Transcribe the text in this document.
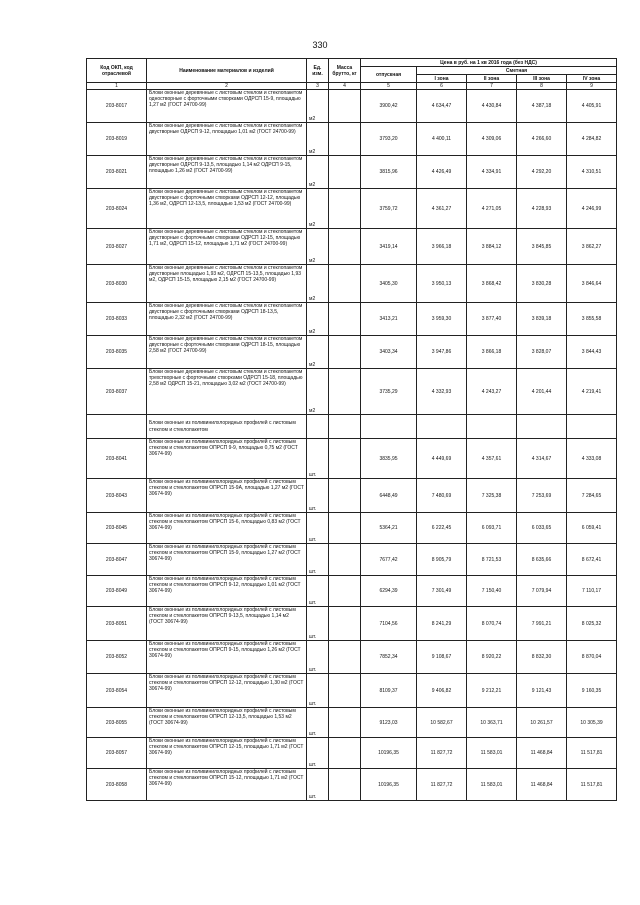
330
Код ОКП, код отраслевой	Наименование материалов и изделий	Ед. изм.	Масса брутто, кг	Цена в руб. на 1 кв 2016 года (без НДС)				
				отпускная	Сметная			
					I зона	II зона	III зона	IV зона
1	2	3	4	5	6	7	8	9
203-8017	Блоки оконные деревянные с листовым стеклом и стеклопакетом одностворные с форточными створками ОДРСП 15-9, площадью 1,27 м2 (ГОСТ 24700-99)	м2		3900,42	4 634,47	4 430,84	4 387,18	4 405,91
203-8019	Блоки оконные деревянные с листовым стеклом и стеклопакетом двустворные ОДРСП 9-12, площадью 1,01 м2 (ГОСТ 24700-99)	м2		3793,20	4 400,11	4 309,06	4 266,60	4 284,82
203-8021	Блоки оконные деревянные с листовым стеклом и стеклопакетом двустворные ОДРСП 9-13,5, площадью 1,14 м2 ОДРСП 9-15, площадью 1,26 м2 (ГОСТ 24700-99)	м2		3815,96	4 426,49	4 334,91	4 292,20	4 310,51
203-8024	Блоки оконные деревянные с листовым стеклом и стеклопакетом двустворные с форточными створками ОДРСП 12-12, площадью 1,36 м2, ОДРСП 12-13,5, площадью 1,53 м2 (ГОСТ 24700-99)	м2		3759,72	4 361,27	4 271,05	4 228,93	4 246,99
203-8027	Блоки оконные деревянные с листовым стеклом и стеклопакетом двустворные с форточными створками ОДРСП 12-15, площадью 1,71 м2, ОДРСП 15-12, площадью 1,71 м2 (ГОСТ 24700-99)	м2		3419,14	3 966,18	3 884,12	3 845,85	3 862,27
203-8030	Блоки оконные деревянные с листовым стеклом и стеклопакетом двустворные площадью 1,93 м2, ОДРСП 15-13,5, площадью 1,93 м2, ОДРСП 15-15, площадью 2,15 м2 (ГОСТ 24700-99)	м2		3405,30	3 950,13	3 868,42	3 830,28	3 846,64
203-8033	Блоки оконные деревянные с листовым стеклом и стеклопакетом двустворные с форточными створками ОДРСП 18-13,5, площадью 2,32 м2 (ГОСТ 24700-99)	м2		3413,21	3 959,30	3 877,40	3 839,18	3 855,58
203-8035	Блоки оконные деревянные с листовым стеклом и стеклопакетом двустворные с форточными створками ОДРСП 18-15, площадью 2,58 м2 (ГОСТ 24700-99)	м2		3403,34	3 947,86	3 866,18	3 828,07	3 844,43
203-8037	Блоки оконные деревянные с листовым стеклом и стеклопакетом трехстворные с форточными створками ОДРСП 15-18, площадью 2,58 м2 ОДРСП 15-21, площадью 3,02 м2 (ГОСТ 24700-99)	м2		3735,29	4 332,93	4 243,27	4 201,44	4 219,41
	Блоки оконные из поливинилхлоридных профилей с листовым стеклом и стеклопакетом							
203-8041	Блоки оконные из поливинилхлоридных профилей с листовым стеклом и стеклопакетом ОПРСП 9-9, площадью 0,75 м2 (ГОСТ 30674-99)	шт.		3835,95	4 449,69	4 357,61	4 314,67	4 333,08
203-8043	Блоки оконные из поливинилхлоридных профилей с листовым стеклом и стеклопакетом ОПРСП 15-9А, площадью 1,27 м2 (ГОСТ 30674-99)	шт.		6448,49	7 480,69	7 325,38	7 253,69	7 284,65
203-8045	Блоки оконные из поливинилхлоридных профилей с листовым стеклом и стеклопакетом ОПРСП 15-6, площадью 0,83 м2 (ГОСТ 30674-99)	шт.		5364,21	6 222,45	6 093,71	6 033,65	6 059,41
203-8047	Блоки оконные из поливинилхлоридных профилей с листовым стеклом и стеклопакетом ОПРСП 15-9, площадью 1,27 м2 (ГОСТ 30674-99)	шт.		7677,42	8 905,79	8 721,53	8 635,66	8 672,41
203-8049	Блоки оконные из поливинилхлоридных профилей с листовым стеклом и стеклопакетом ОПРСП 9-12, площадью 1,01 м2 (ГОСТ 30674-99)	шт.		6294,39	7 301,49	7 150,40	7 079,94	7 110,17
203-8051	Блоки оконные из поливинилхлоридных профилей с листовым стеклом и стеклопакетом ОПРСП 9-13,5, площадью 1,14 м2 (ГОСТ 30674-99)	шт.		7104,56	8 241,29	8 070,74	7 991,21	8 025,32
203-8052	Блоки оконные из поливинилхлоридных профилей с листовым стеклом и стеклопакетом ОПРСП 9-15, площадью 1,26 м2 (ГОСТ 30674-99)	шт.		7852,34	9 108,67	8 920,22	8 832,30	8 870,04
203-8054	Блоки оконные из поливинилхлоридных профилей с листовым стеклом и стеклопакетом ОПРСП 12-12, площадью 1,30 м2 (ГОСТ 30674-99)	шт.		8109,37	9 406,82	9 212,21	9 121,43	9 160,35
203-8055	Блоки оконные из поливинилхлоридных профилей с листовым стеклом и стеклопакетом ОПРСП 12-13,5, площадью 1,53 м2 (ГОСТ 30674-99)	шт.		9123,03	10 582,67	10 363,71	10 261,57	10 305,39
203-8057	Блоки оконные из поливинилхлоридных профилей с листовым стеклом и стеклопакетом ОПРСП 12-15, площадью 1,71 м2 (ГОСТ 30674-99)	шт.		10196,35	11 827,72	11 583,01	11 468,84	11 517,81
203-8058	Блоки оконные из поливинилхлоридных профилей с листовым стеклом и стеклопакетом ОПРСП 15-12, площадью 1,71 м2 (ГОСТ 30674-99)	шт.		10196,35	11 827,72	11 583,01	11 468,84	11 517,81
